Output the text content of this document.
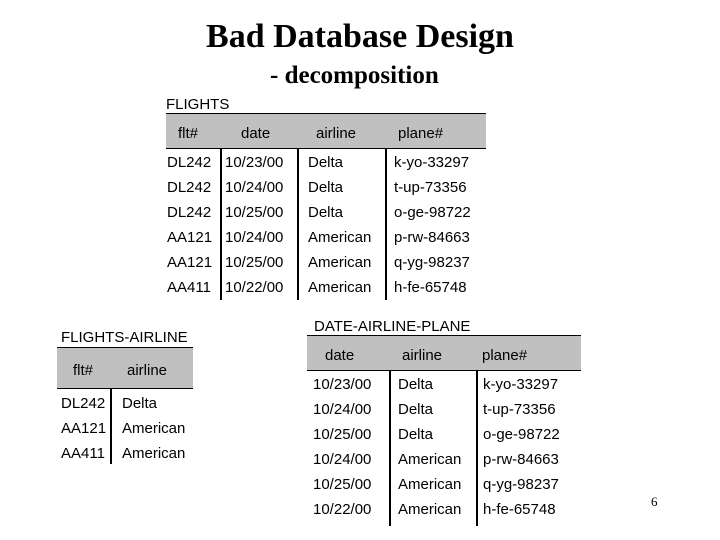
Bad Database Design
- decomposition
FLIGHTS
flt#	date	airline	plane#
DL242 10/23/00 Delta	k-yo-33297
DL242 10/24/00 Delta	t-up-73356
DL242 10/25/00 Delta	o-ge-98722
AA121 10/24/00 American p-rw-84663
AA121 10/25/00 American q-yg-98237
AA411 10/22/00 American h-fe-65748
FLIGHTS-AIRLINE
flt# airline
DL242 Delta
AA121 American
AA411 American
DATE-AIRLINE-PLANE
date	airline	plane#
10/23/00 Delta	k-yo-33297
10/24/00 Delta	t-up-73356
10/25/00 Delta	o-ge-98722
10/24/00 American p-rw-84663
10/25/00 American q-yg-98237
10/22/00 American h-fe-65748	6
